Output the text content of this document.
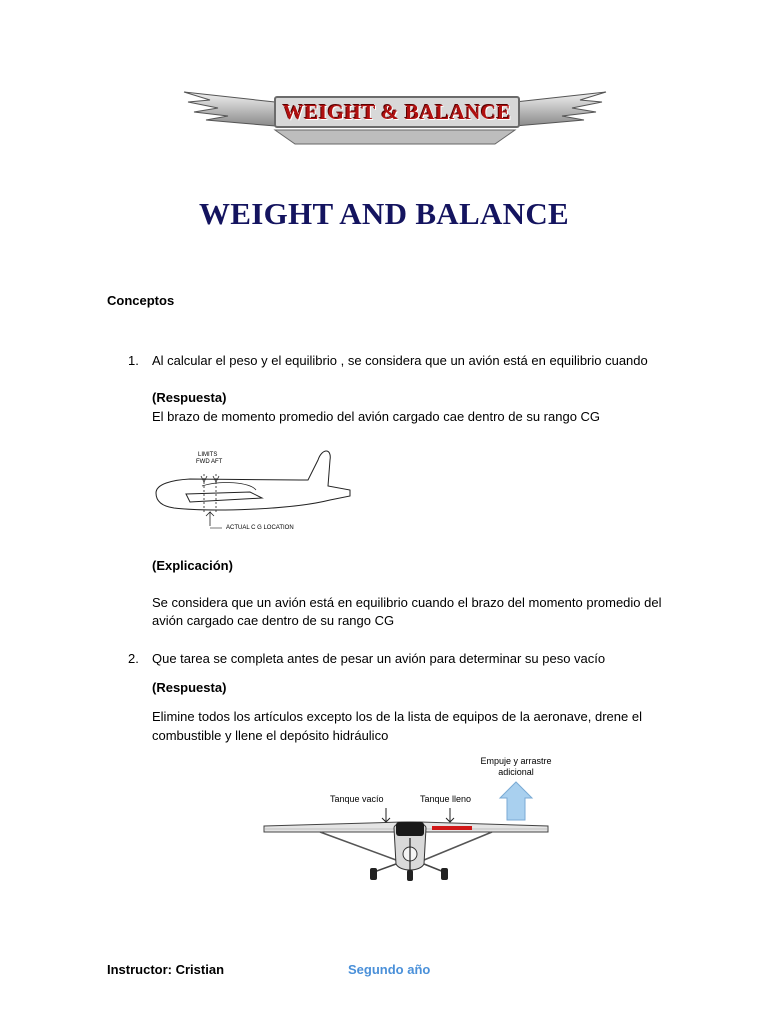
WEIGHT & BALANCE
WEIGHT AND BALANCE
Conceptos
1. Al calcular el peso y el equilibrio , se considera que un avión está en equilibrio cuando
(Respuesta)
El brazo de momento promedio del avión cargado cae dentro de su rango CG
LIMITS
FWD AFT
ACTUAL C G LOCATION
(Explicación)
Se considera que un avión está en equilibrio cuando el brazo del momento promedio del
avión cargado cae dentro de su rango CG
2. Que tarea se completa antes de pesar un avión para determinar su peso vacío
(Respuesta)
Elimine todos los artículos excepto los de la lista de equipos de la aeronave, drene el
combustible y llene el depósito hidráulico
Tanque vacío	Tanque lleno
Empuje y arrastre
adicional
Instructor: Cristian	Segundo año
